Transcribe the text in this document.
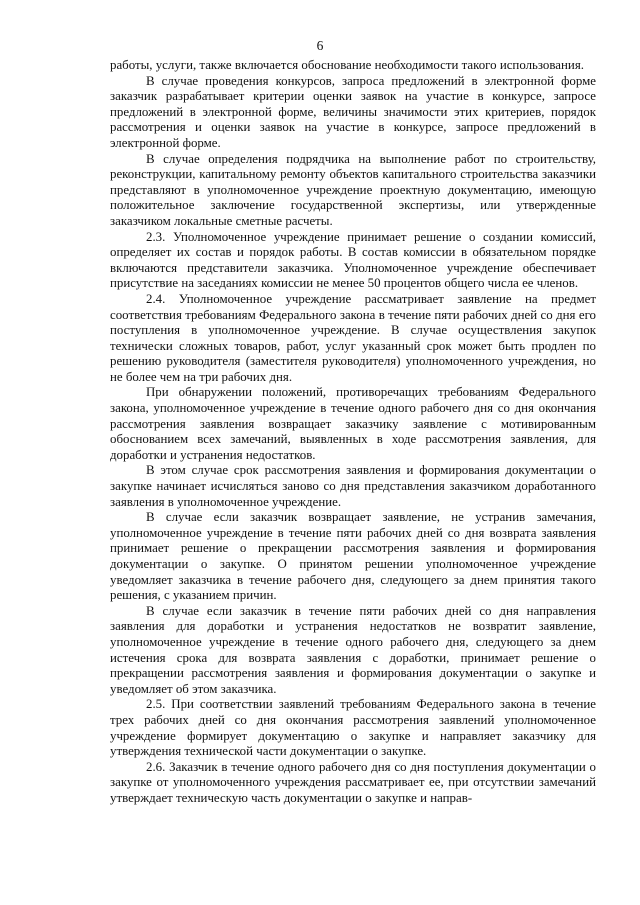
6

работы, услуги, также включается обоснование необходимости такого использования.

В случае проведения конкурсов, запроса предложений в электронной форме заказчик разрабатывает критерии оценки заявок на участие в конкурсе, запросе предложений в электронной форме, величины значимости этих критериев, порядок рассмотрения и оценки заявок на участие в конкурсе, запросе предложений в электронной форме.

В случае определения подрядчика на выполнение работ по строительству, реконструкции, капитальному ремонту объектов капитального строительства заказчики представляют в уполномоченное учреждение проектную документацию, имеющую положительное заключение государственной экспертизы, или утвержденные заказчиком локальные сметные расчеты.

2.3. Уполномоченное учреждение принимает решение о создании комиссий, определяет их состав и порядок работы. В состав комиссии в обязательном порядке включаются представители заказчика. Уполномоченное учреждение обеспечивает присутствие на заседаниях комиссии не менее 50 процентов общего числа ее членов.

2.4. Уполномоченное учреждение рассматривает заявление на предмет соответствия требованиям Федерального закона в течение пяти рабочих дней со дня его поступления в уполномоченное учреждение. В случае осуществления закупок технически сложных товаров, работ, услуг указанный срок может быть продлен по решению руководителя (заместителя руководителя) уполномоченного учреждения, но не более чем на три рабочих дня.

При обнаружении положений, противоречащих требованиям Федерального закона, уполномоченное учреждение в течение одного рабочего дня со дня окончания рассмотрения заявления возвращает заказчику заявление с мотивированным обоснованием всех замечаний, выявленных в ходе рассмотрения заявления, для доработки и устранения недостатков.

В этом случае срок рассмотрения заявления и формирования документации о закупке начинает исчисляться заново со дня представления заказчиком доработанного заявления в уполномоченное учреждение.

В случае если заказчик возвращает заявление, не устранив замечания, уполномоченное учреждение в течение пяти рабочих дней со дня возврата заявления принимает решение о прекращении рассмотрения заявления и формирования документации о закупке. О принятом решении уполномоченное учреждение уведомляет заказчика в течение рабочего дня, следующего за днем принятия такого решения, с указанием причин.

В случае если заказчик в течение пяти рабочих дней со дня направления заявления для доработки и устранения недостатков не возвратит заявление, уполномоченное учреждение в течение одного рабочего дня, следующего за днем истечения срока для возврата заявления с доработки, принимает решение о прекращении рассмотрения заявления и формирования документации о закупке и уведомляет об этом заказчика.

2.5. При соответствии заявлений требованиям Федерального закона в течение трех рабочих дней со дня окончания рассмотрения заявлений уполномоченное учреждение формирует документацию о закупке и направляет заказчику для утверждения технической части документации о закупке.

2.6. Заказчик в течение одного рабочего дня со дня поступления документации о закупке от уполномоченного учреждения рассматривает ее, при отсутствии замечаний утверждает техническую часть документации о закупке и направ-
